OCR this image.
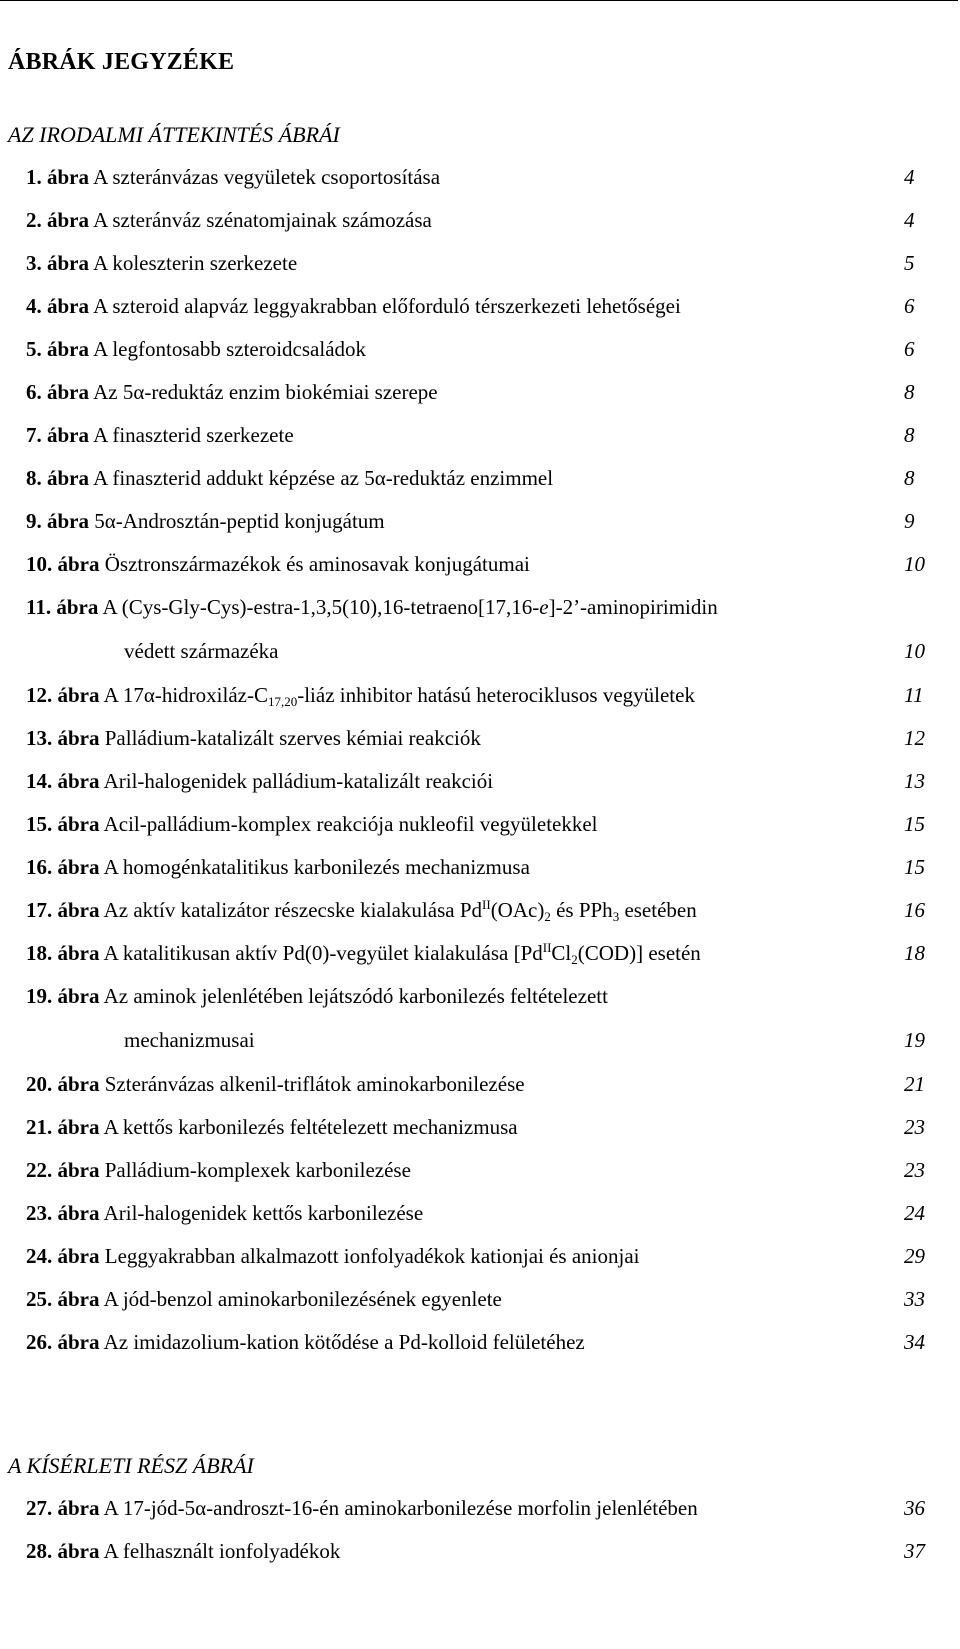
ÁBRÁK JEGYZÉKE
AZ IRODALMI ÁTTEKINTÉS ÁBRÁI
A KÍSÉRLETI RÉSZ ÁBRÁI
1. ábra A szteránvázas vegyületek csoportosítása	4
2. ábra A szteránváz szénatomjainak számozása	4
3. ábra A koleszterin szerkezete	5
4. ábra A szteroid alapváz leggyakrabban előforduló térszerkezeti lehetőségei	6
5. ábra A legfontosabb szteroidcsaládok	6
6. ábra Az 5α-reduktáz enzim biokémiai szerepe	8
7. ábra A finaszterid szerkezete	8
8. ábra A finaszterid addukt képzése az 5α-reduktáz enzimmel	8
9. ábra 5α-Androsztán-peptid konjugátum	9
10. ábra Ösztronszármazékok és aminosavak konjugátumai	10
11. ábra A (Cys-Gly-Cys)-estra-1,3,5(10),16-tetraeno[17,16-e]-2’-aminopirimidin
védett származéka	10
12. ábra A $17\alpha-hidroxiláz-C_{17,20}$-liáz inhibitor hatású heterociklusos vegyületek	11
13. ábra Palládium-katalizált szerves kémiai reakciók	12
14. ábra Aril-halogenidek palládium-katalizált reakciói	13
15. ábra Acil-palládium-komplex reakciója nukleofil vegyületekkel	15
16. ábra A homogénkatalitikus karbonilezés mechanizmusa	15
17. ábra Az aktív katalizátor részecske kialakulása $Pd^{II}(OAc)_2$ és PPh$_3$ esetében	16
18. ábra A katalitikusan aktív Pd(0)-vegyület kialakulása $[Pd^{II}Cl_2(COD)]$ esetén	18
19. ábra Az aminok jelenlétében lejátszódó karbonilezés feltételezett
mechanizmusai	19
20. ábra Szteránvázas alkenil-triflátok aminokarbonilezése	21
21. ábra A kettős karbonilezés feltételezett mechanizmusa	23
22. ábra Palládium-komplexek karbonilezése	23
23. ábra Aril-halogenidek kettős karbonilezése	24
24. ábra Leggyakrabban alkalmazott ionfolyadékok kationjai és anionjai	29
25. ábra A jód-benzol aminokarbonilezésének egyenlete	33
26. ábra Az imidazolium-kation kötődése a Pd-kolloid felületéhez	34
27. ábra A 17-jód-5α-androszt-16-én aminokarbonilezése morfolin jelenlétében	36
28. ábra A felhasznált ionfolyadékok	37
